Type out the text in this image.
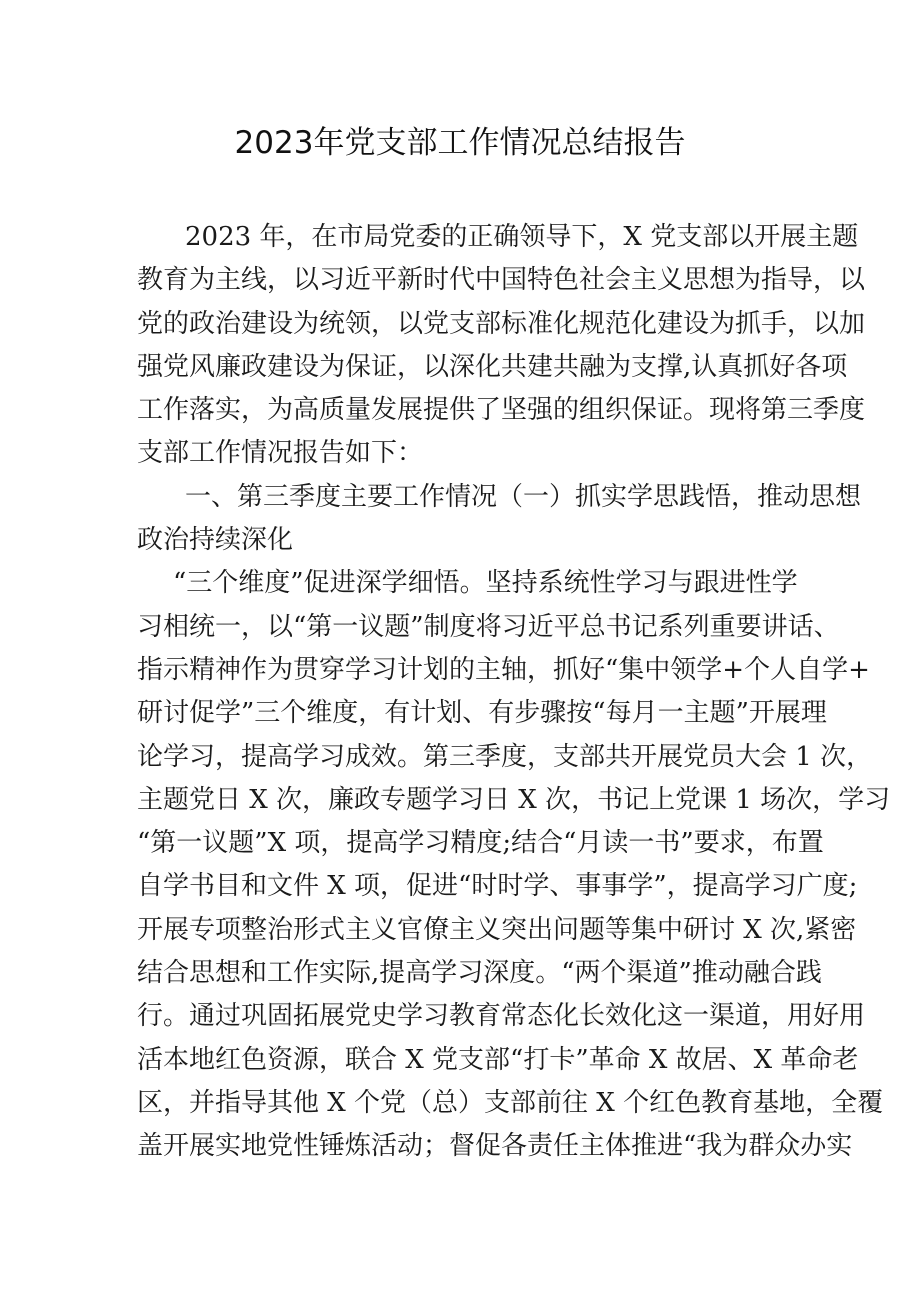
2023年党支部工作情况总结报告
2023 年，在市局党委的正确领导下，X 党支部以开展主题
教育为主线，以习近平新时代中国特色社会主义思想为指导，以
党的政治建设为统领，以党支部标准化规范化建设为抓手，以加
强党风廉政建设为保证，以深化共建共融为支撑,认真抓好各项
工作落实，为高质量发展提供了坚强的组织保证。现将第三季度
支部工作情况报告如下：
一、第三季度主要工作情况（一）抓实学思践悟，推动思想
政治持续深化
“三个维度”促进深学细悟。坚持系统性学习与跟进性学
习相统一，以“第一议题”制度将习近平总书记系列重要讲话、
指示精神作为贯穿学习计划的主轴，抓好“集中领学+个人自学+
研讨促学”三个维度，有计划、有步骤按“每月一主题”开展理
论学习，提高学习成效。第三季度，支部共开展党员大会 1 次，
主题党日 X 次，廉政专题学习日 X 次，书记上党课 1 场次，学习
“第一议题”X 项，提高学习精度;结合“月读一书”要求，布置
自学书目和文件 X 项，促进“时时学、事事学”，提高学习广度;
开展专项整治形式主义官僚主义突出问题等集中研讨 X 次,紧密
结合思想和工作实际,提高学习深度。“两个渠道”推动融合践
行。通过巩固拓展党史学习教育常态化长效化这一渠道，用好用
活本地红色资源，联合 X 党支部“打卡”革命 X 故居、X 革命老
区，并指导其他 X 个党（总）支部前往 X 个红色教育基地，全覆
盖开展实地党性锤炼活动；督促各责任主体推进“我为群众办实
